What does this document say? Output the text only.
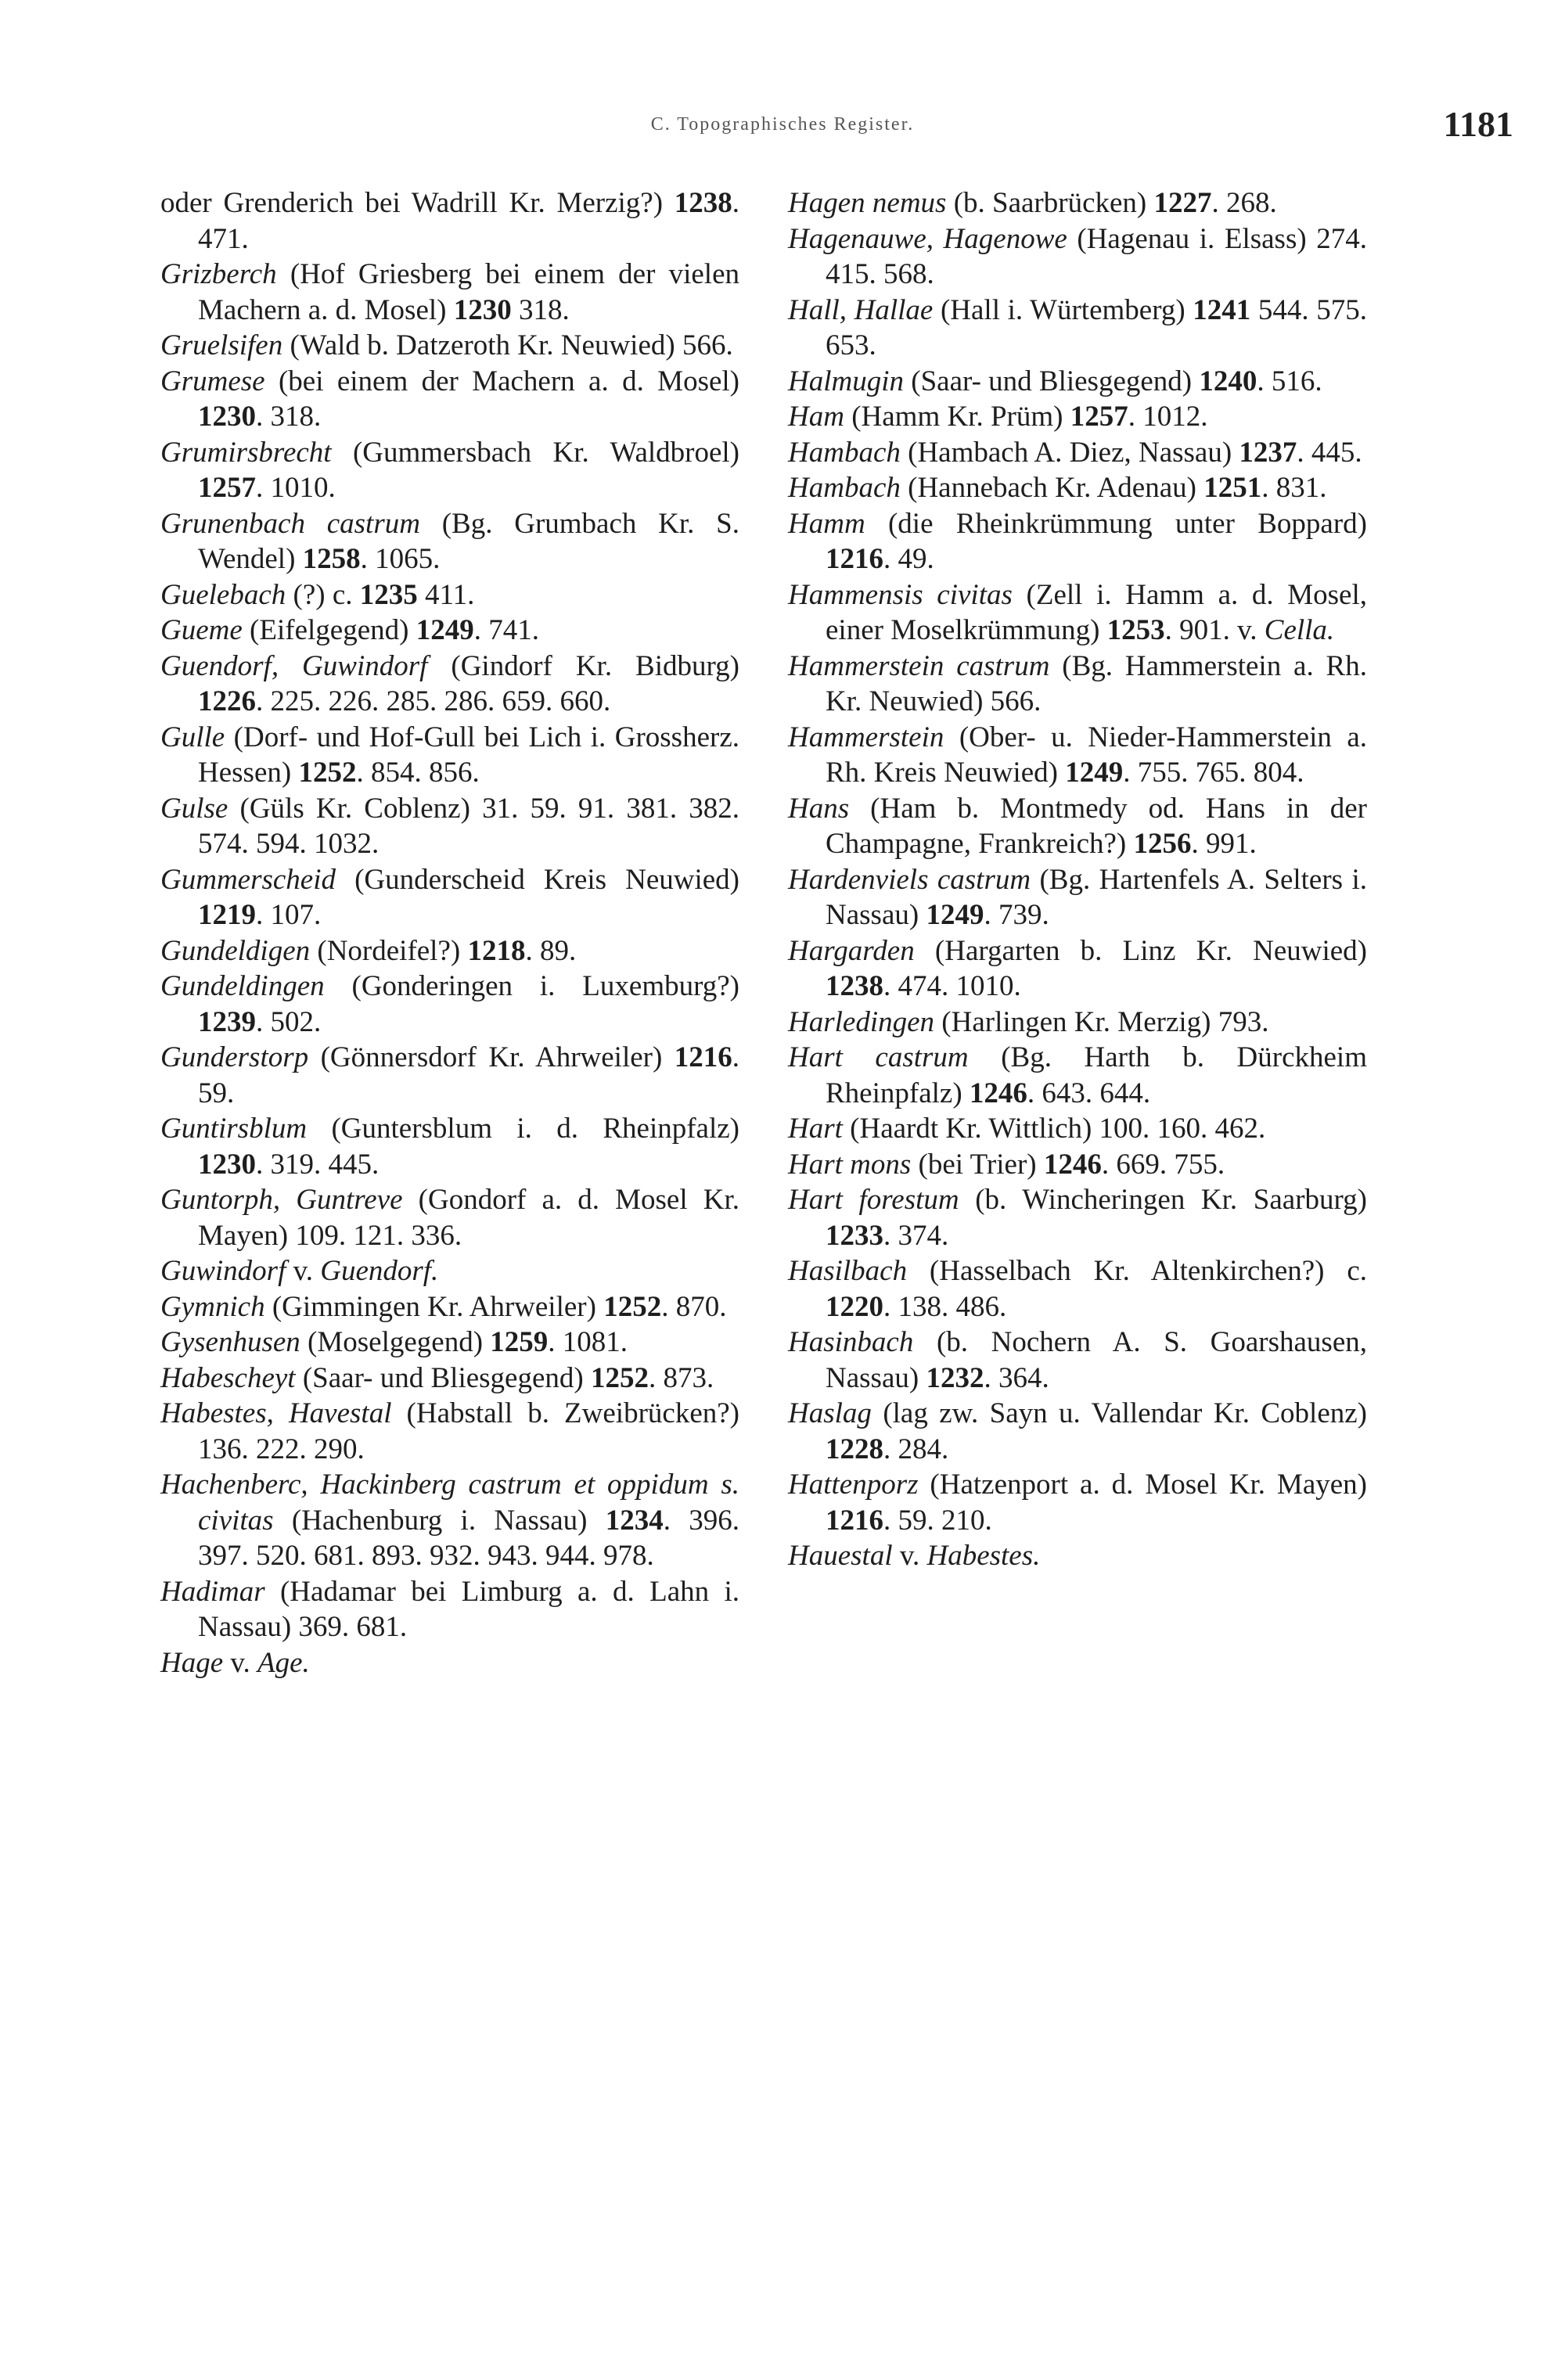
C. Topographisches Register.	1181

oder Grenderich bei Wadrill Kr. Merzig?) 1238. 471.

Grizberch (Hof Griesberg bei einem der vielen Machern a. d. Mosel) 1230 318.

Gruelsifen (Wald b. Datzeroth Kr. Neuwied) 566.

Grumese (bei einem der Machern a. d. Mosel) 1230. 318.

Grumirsbrecht (Gummersbach Kr. Waldbroel) 1257. 1010.

Grunenbach castrum (Bg. Grumbach Kr. S. Wendel) 1258. 1065.

Guelebach (?) c. 1235 411.

Gueme (Eifelgegend) 1249. 741.

Guendorf, Guwindorf (Gindorf Kr. Bidburg) 1226. 225. 226. 285. 286. 659. 660.

Gulle (Dorf- und Hof-Gull bei Lich i. Grossherz. Hessen) 1252. 854. 856.

Gulse (Güls Kr. Coblenz) 31. 59. 91. 381. 382. 574. 594. 1032.

Gummerscheid (Gunderscheid Kreis Neuwied) 1219. 107.

Gundeldigen (Nordeifel?) 1218. 89.

Gundeldingen (Gonderingen i. Luxemburg?) 1239. 502.

Gunderstorp (Gönnersdorf Kr. Ahrweiler) 1216. 59.

Guntirsblum (Guntersblum i. d. Rheinpfalz) 1230. 319. 445.

Guntorph, Guntreve (Gondorf a. d. Mosel Kr. Mayen) 109. 121. 336.

Guwindorf v. Guendorf.

Gymnich (Gimmingen Kr. Ahrweiler) 1252. 870.

Gysenhusen (Moselgegend) 1259. 1081.

Habescheyt (Saar- und Bliesgegend) 1252. 873.

Habestes, Havestal (Habstall b. Zweibrücken?) 136. 222. 290.

Hachenberc, Hackinberg castrum et oppidum s. civitas (Hachenburg i. Nassau) 1234. 396. 397. 520. 681. 893. 932. 943. 944. 978.

Hadimar (Hadamar bei Limburg a. d. Lahn i. Nassau) 369. 681.

Hage v. Age.

Hagen nemus (b. Saarbrücken) 1227. 268.

Hagenauwe, Hagenowe (Hagenau i. Elsass) 274. 415. 568.

Hall, Hallae (Hall i. Würtemberg) 1241 544. 575. 653.

Halmugin (Saar- und Bliesgegend) 1240. 516.

Ham (Hamm Kr. Prüm) 1257. 1012.

Hambach (Hambach A. Diez, Nassau) 1237. 445.

Hambach (Hannebach Kr. Adenau) 1251. 831.

Hamm (die Rheinkrümmung unter Boppard) 1216. 49.

Hammensis civitas (Zell i. Hamm a. d. Mosel, einer Moselkrümmung) 1253. 901. v. Cella.

Hammerstein castrum (Bg. Hammerstein a. Rh. Kr. Neuwied) 566.

Hammerstein (Ober- u. Nieder-Hammerstein a. Rh. Kreis Neuwied) 1249. 755. 765. 804.

Hans (Ham b. Montmedy od. Hans in der Champagne, Frankreich?) 1256. 991.

Hardenviels castrum (Bg. Hartenfels A. Selters i. Nassau) 1249. 739.

Hargarden (Hargarten b. Linz Kr. Neuwied) 1238. 474. 1010.

Harledingen (Harlingen Kr. Merzig) 793.

Hart castrum (Bg. Harth b. Dürckheim Rheinpfalz) 1246. 643. 644.

Hart (Haardt Kr. Wittlich) 100. 160. 462.

Hart mons (bei Trier) 1246. 669. 755.

Hart forestum (b. Wincheringen Kr. Saarburg) 1233. 374.

Hasilbach (Hasselbach Kr. Altenkirchen?) c. 1220. 138. 486.

Hasinbach (b. Nochern A. S. Goarshausen, Nassau) 1232. 364.

Haslag (lag zw. Sayn u. Vallendar Kr. Coblenz) 1228. 284.

Hattenporz (Hatzenport a. d. Mosel Kr. Mayen) 1216. 59. 210.

Hauestal v. Habestes.
